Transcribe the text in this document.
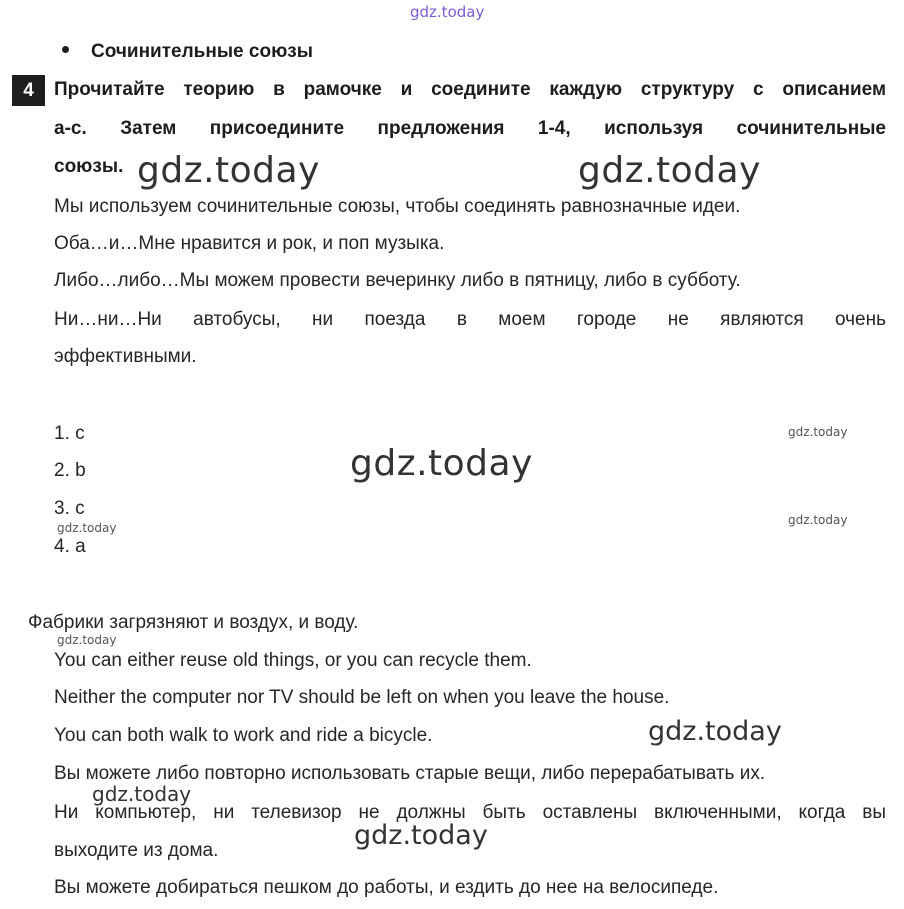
gdz.today
Сочинительные союзы
4	Прочитайте теорию в рамочке и соедините каждую структуру с описанием
a-c. Затем присоедините предложения 1-4, используя сочинительные
союзы.
Мы используем сочинительные союзы, чтобы соединять равнозначные идеи.
Оба…и…Мне нравится и рок, и поп музыка.
Либо…либо…Мы можем провести вечеринку либо в пятницу, либо в субботу.
Ни…ни…Ни автобусы, ни поезда в моем городе не являются очень
эффективными.
1. c
2. b
3. c
4. a
Фабрики загрязняют и воздух, и воду.
You can either reuse old things, or you can recycle them.
Neither the computer nor TV should be left on when you leave the house.
You can both walk to work and ride a bicycle.
Вы можете либо повторно использовать старые вещи, либо перерабатывать их.
Ни компьютер, ни телевизор не должны быть оставлены включенными, когда вы
выходите из дома.
Вы можете добираться пешком до работы, и ездить до нее на велосипеде.
gdz.today	gdz.today
gdz.today
gdz.today
gdz.today
gdz.today
gdz.today
gdz.today
gdz.today
gdz.today
